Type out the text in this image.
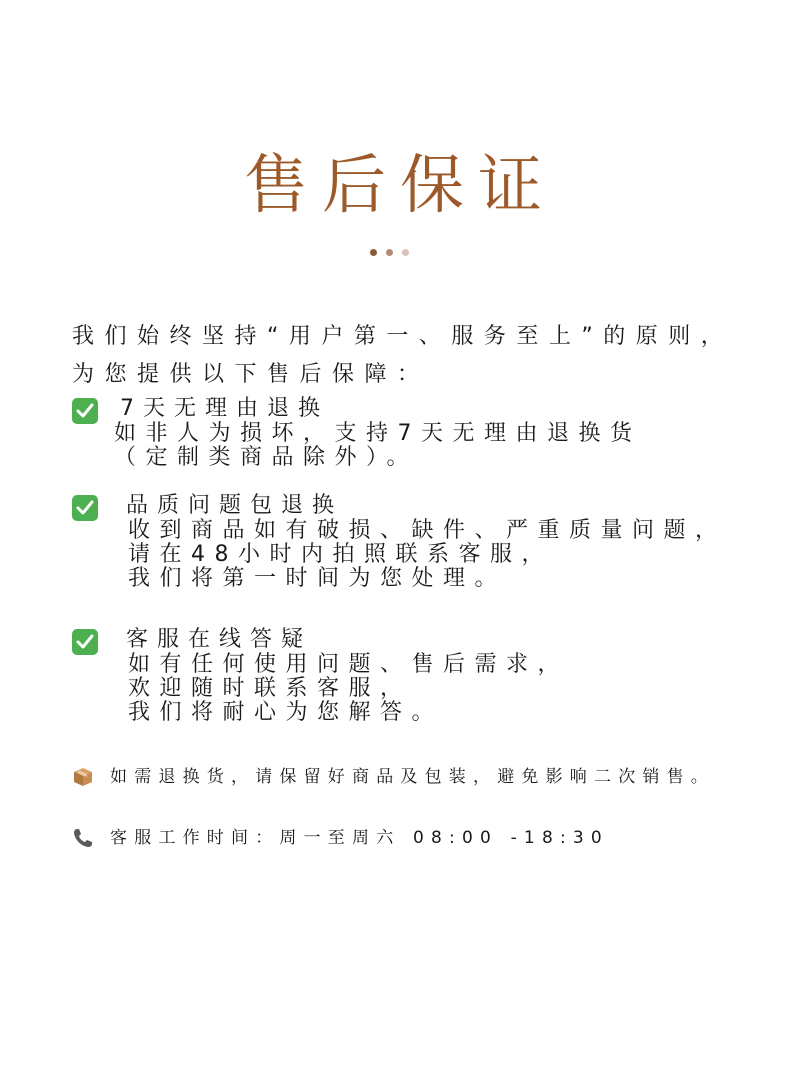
售后保证
我们始终坚持“用户第一、服务至上”的原则，
为您提供以下售后保障：
7天无理由退换
如非人为损坏，支持7天无理由退换货
（定制类商品除外）。
品质问题包退换
收到商品如有破损、缺件、严重质量问题，
请在48小时内拍照联系客服，
我们将第一时间为您处理。
客服在线答疑
如有任何使用问题、售后需求，
欢迎随时联系客服，
我们将耐心为您解答。
如需退换货，请保留好商品及包装，避免影响二次销售。
客服工作时间：周一至周六 08:00 -18:30
